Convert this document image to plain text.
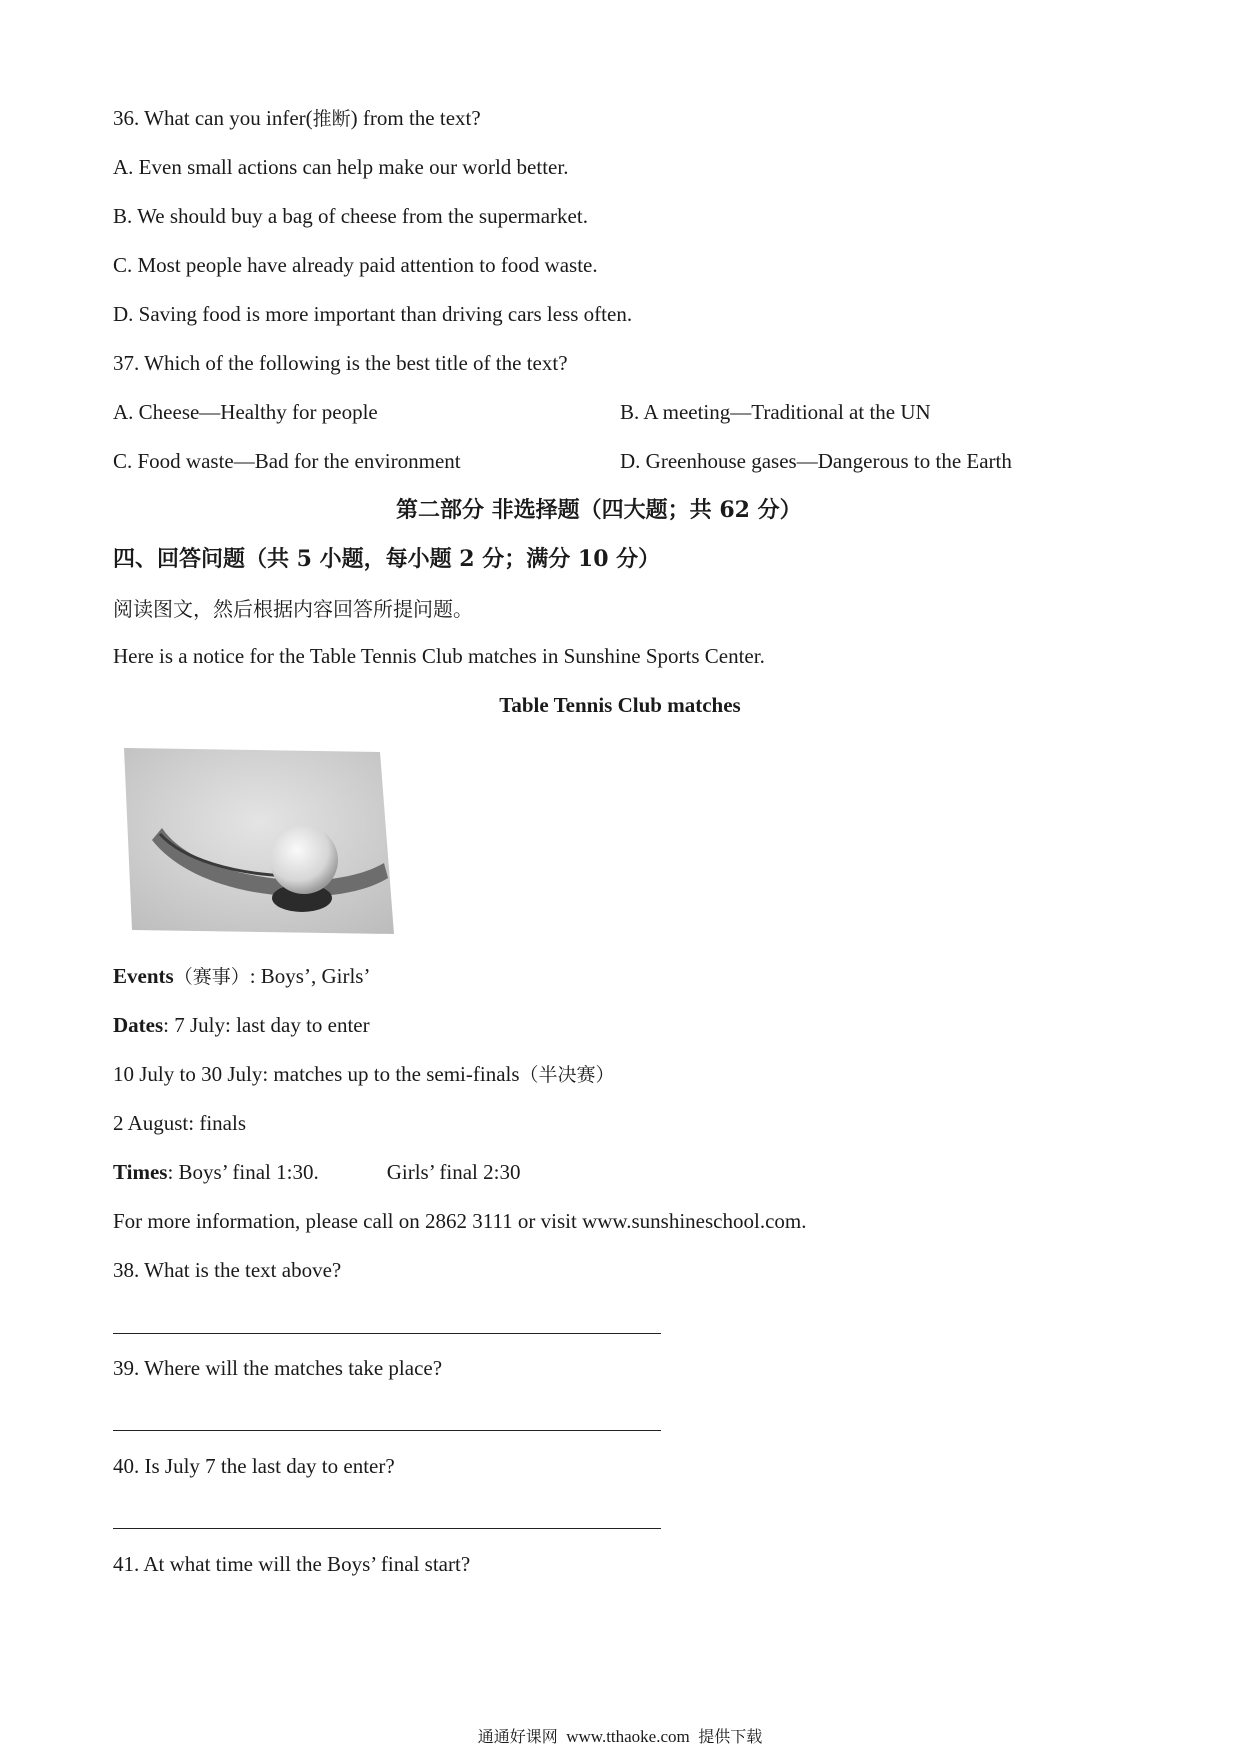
36. What can you infer(推断) from the text?
A. Even small actions can help make our world better.
B. We should buy a bag of cheese from the supermarket.
C. Most people have already paid attention to food waste.
D. Saving food is more important than driving cars less often.
37. Which of the following is the best title of the text?
A. Cheese—Healthy for people	B. A meeting—Traditional at the UN
C. Food waste—Bad for the environment	D. Greenhouse gases—Dangerous to the Earth
第二部分 非选择题（四大题；共 62 分）
四、回答问题（共 5 小题，每小题 2 分；满分 10 分）
阅读图文，然后根据内容回答所提问题。
Here is a notice for the Table Tennis Club matches in Sunshine Sports Center.
Table Tennis Club matches
Events（赛事）: Boys’, Girls’
Dates: 7 July: last day to enter
10 July to 30 July: matches up to the semi-finals（半决赛）
2 August: finals
Times: Boys’ final 1:30.	Girls’ final 2:30
For more information, please call on 2862 3111 or visit www.sunshineschool.com.
38. What is the text above?
39. Where will the matches take place?
40. Is July 7 the last day to enter?
41. At what time will the Boys’ final start?
通通好课网 www.tthaoke.com 提供下载
